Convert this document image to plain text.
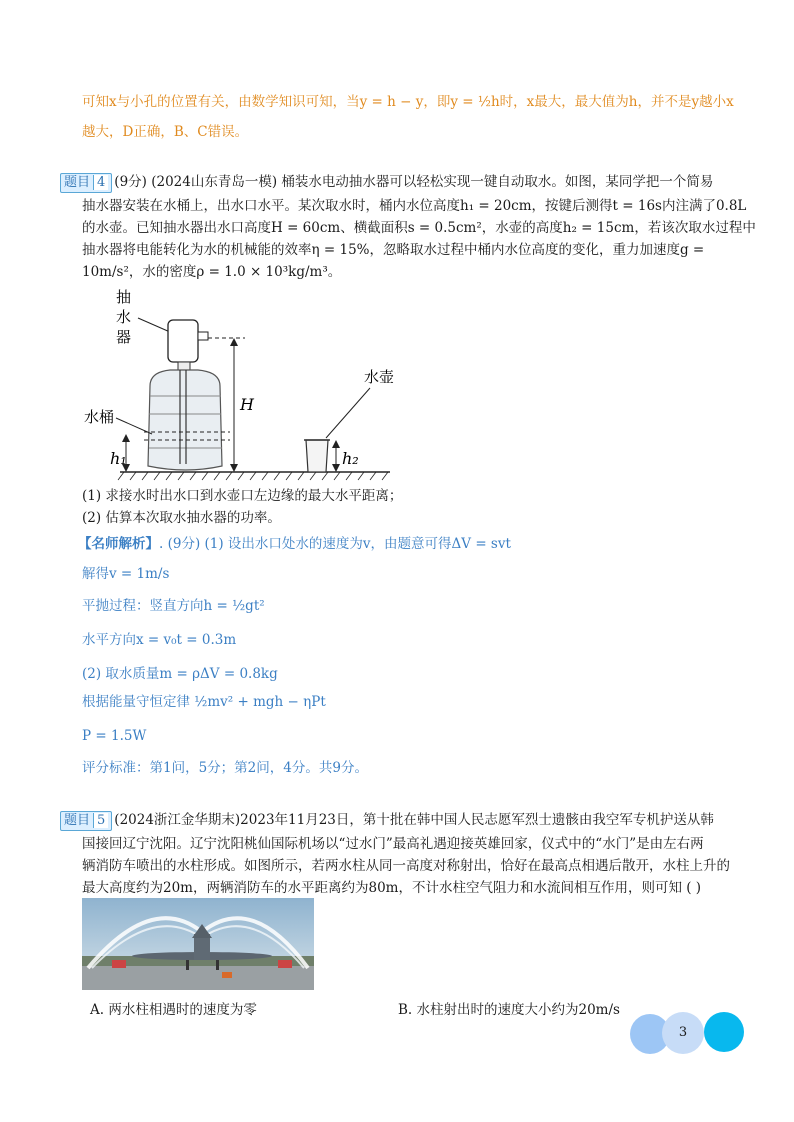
可知x与小孔的位置有关，由数学知识可知，当y = h − y，即y = ½h时，x最大，最大值为h，并不是y越小x
越大，D正确，B、C错误。
题目 4 (9分) (2024山东青岛一模) 桶装水电动抽水器可以轻松实现一键自动取水。如图，某同学把一个简易
抽水器安装在水桶上，出水口水平。某次取水时，桶内水位高度h₁ = 20cm，按键后测得t = 16s内注满了0.8L
的水壶。已知抽水器出水口高度H = 60cm、横截面积s = 0.5cm²，水壶的高度h₂ = 15cm，若该次取水过程中
抽水器将电能转化为水的机械能的效率η = 15%，忽略取水过程中桶内水位高度的变化，重力加速度g =
10m/s²，水的密度ρ = 1.0 × 10³kg/m³。
抽
水
器
水桶
h₁
H
水壶
h₂
(1) 求接水时出水口到水壶口左边缘的最大水平距离；
(2) 估算本次取水抽水器的功率。
【名师解析】. (9分) (1) 设出水口处水的速度为v，由题意可得ΔV = svt
解得v = 1m/s
平抛过程：竖直方向h = ½gt²
水平方向x = v₀t = 0.3m
(2) 取水质量m = ρΔV = 0.8kg
根据能量守恒定律 ½mv² + mgh − ηPt
P = 1.5W
评分标准：第1问，5分；第2问，4分。共9分。
题目 5 (2024浙江金华期末)2023年11月23日，第十批在韩中国人民志愿军烈士遗骸由我空军专机护送从韩
国接回辽宁沈阳。辽宁沈阳桃仙国际机场以“过水门”最高礼遇迎接英雄回家，仪式中的“水门”是由左右两
辆消防车喷出的水柱形成。如图所示，若两水柱从同一高度对称射出，恰好在最高点相遇后散开，水柱上升的
最大高度约为20m，两辆消防车的水平距离约为80m，不计水柱空气阻力和水流间相互作用，则可知 ( )
A. 两水柱相遇时的速度为零	B. 水柱射出时的速度大小约为20m/s
3
